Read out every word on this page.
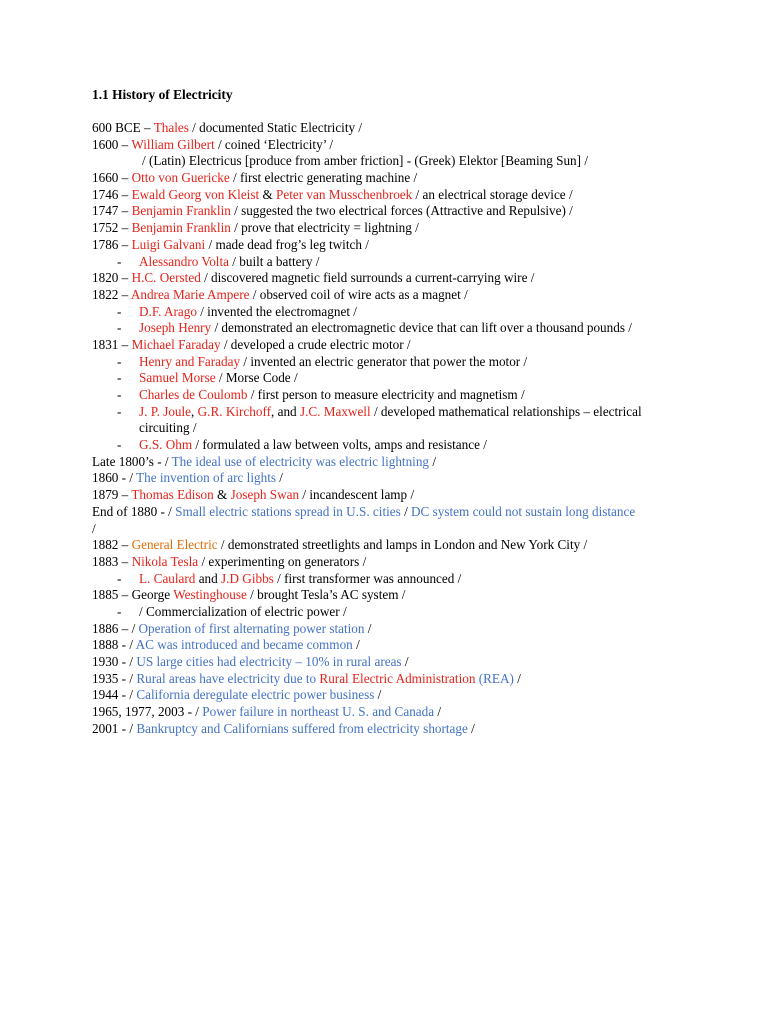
1.1 History of Electricity
600 BCE – Thales / documented Static Electricity /
1600 – William Gilbert / coined ‘Electricity’ /
/ (Latin) Electricus [produce from amber friction] - (Greek) Elektor [Beaming Sun] /
1660 – Otto von Guericke / first electric generating machine /
1746 – Ewald Georg von Kleist & Peter van Musschenbroek / an electrical storage device /
1747 – Benjamin Franklin / suggested the two electrical forces (Attractive and Repulsive) /
1752 – Benjamin Franklin / prove that electricity = lightning /
1786 – Luigi Galvani / made dead frog’s leg twitch /
- Alessandro Volta / built a battery /
1820 – H.C. Oersted / discovered magnetic field surrounds a current-carrying wire /
1822 – Andrea Marie Ampere / observed coil of wire acts as a magnet /
- D.F. Arago / invented the electromagnet /
- Joseph Henry / demonstrated an electromagnetic device that can lift over a thousand pounds /
1831 – Michael Faraday / developed a crude electric motor /
- Henry and Faraday / invented an electric generator that power the motor /
- Samuel Morse / Morse Code /
- Charles de Coulomb / first person to measure electricity and magnetism /
- J. P. Joule, G.R. Kirchoff, and J.C. Maxwell / developed mathematical relationships – electrical circuiting /
- G.S. Ohm / formulated a law between volts, amps and resistance /
Late 1800’s - / The ideal use of electricity was electric lightning /
1860 - / The invention of arc lights /
1879 – Thomas Edison & Joseph Swan / incandescent lamp /
End of 1880 - / Small electric stations spread in U.S. cities / DC system could not sustain long distance /
1882 – General Electric / demonstrated streetlights and lamps in London and New York City /
1883 – Nikola Tesla / experimenting on generators /
- L. Caulard and J.D Gibbs / first transformer was announced /
1885 – George Westinghouse / brought Tesla’s AC system /
- / Commercialization of electric power /
1886 – / Operation of first alternating power station /
1888 - / AC was introduced and became common /
1930 - / US large cities had electricity – 10% in rural areas /
1935 - / Rural areas have electricity due to Rural Electric Administration (REA) /
1944 - / California deregulate electric power business /
1965, 1977, 2003 - / Power failure in northeast U. S. and Canada /
2001 - / Bankruptcy and Californians suffered from electricity shortage /
